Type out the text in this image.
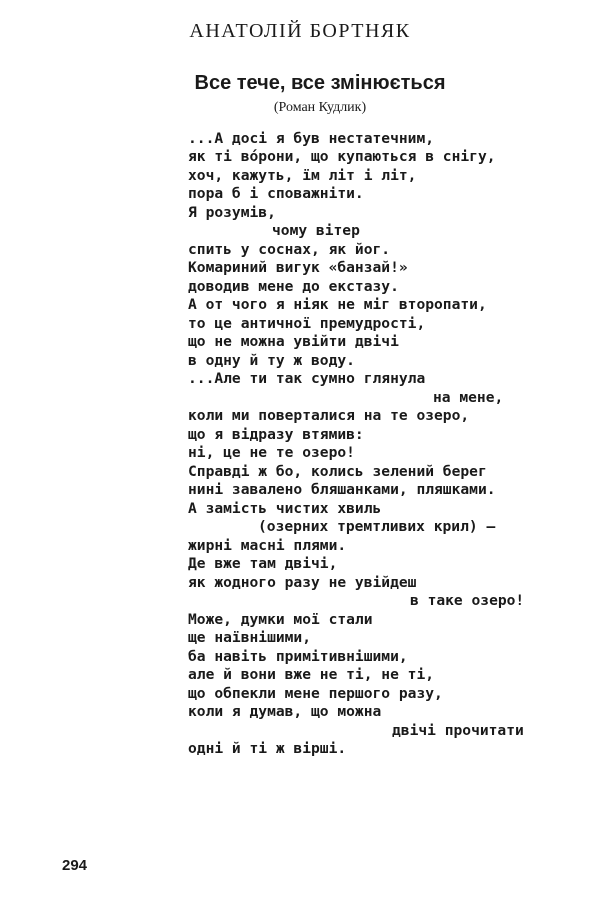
АНАТОЛІЙ БОРТНЯК
Все тече, все змінюється
(Роман Кудлик)
...А досі я був нестатечним,
як ті во́рони, що купаються в снігу,
хоч, кажуть, їм літ і літ,
пора б і споважніти.
Я розумів,
чому вітер
спить у соснах, як йог.
Комариний вигук «банзай!»
доводив мене до екстазу.
А от чого я ніяк не міг второпати,
то це античної премудрості,
що не можна увійти двічі
в одну й ту ж воду.
...Але ти так сумно глянула
на мене,
коли ми поверталися на те озеро,
що я відразу втямив:
ні, це не те озеро!
Справді ж бо, колись зелений берег
нині завалено бляшанками, пляшками.
А замість чистих хвиль
(озерних тремтливих крил) —
жирні масні плями.
Де вже там двічі,
як жодного разу не увійдеш
в таке озеро!
Може, думки мої стали
ще наївнішими,
ба навіть примітивнішими,
але й вони вже не ті, не ті,
що обпекли мене першого разу,
коли я думав, що можна
двічі прочитати
одні й ті ж вірші.
294
